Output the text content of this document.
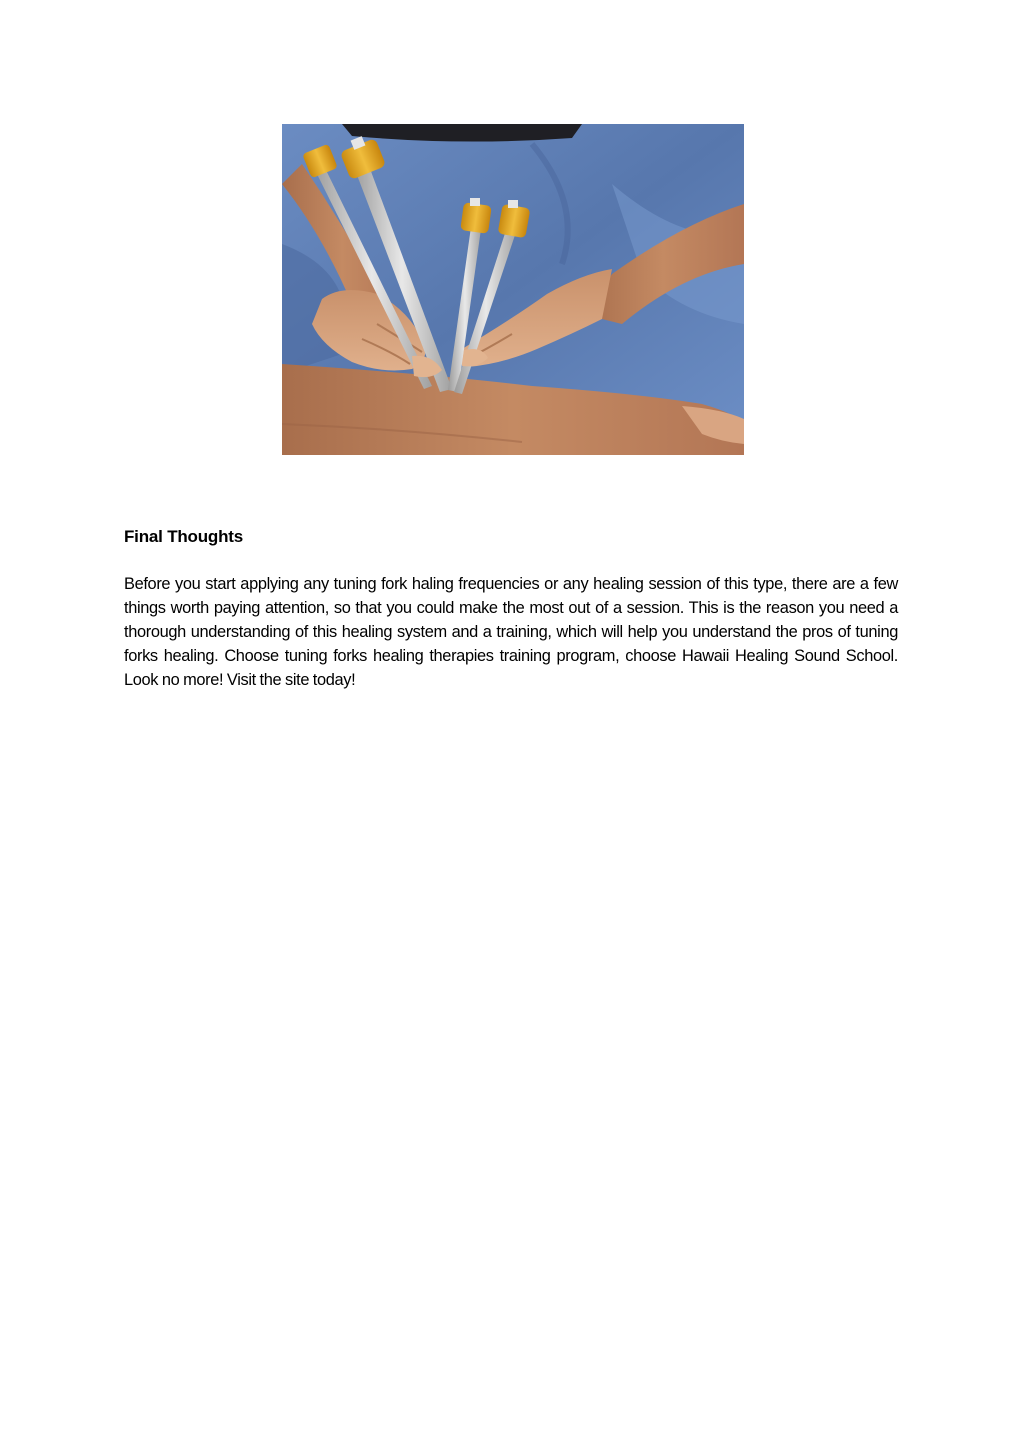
Final Thoughts

Before you start applying any tuning fork haling frequencies or any healing session of this type, there are a few things worth paying attention, so that you could make the most out of a session. This is the reason you need a thorough understanding of this healing system and a training, which will help you understand the pros of tuning forks healing. Choose tuning forks healing therapies training program, choose Hawaii Healing Sound School. Look no more! Visit the site today!
